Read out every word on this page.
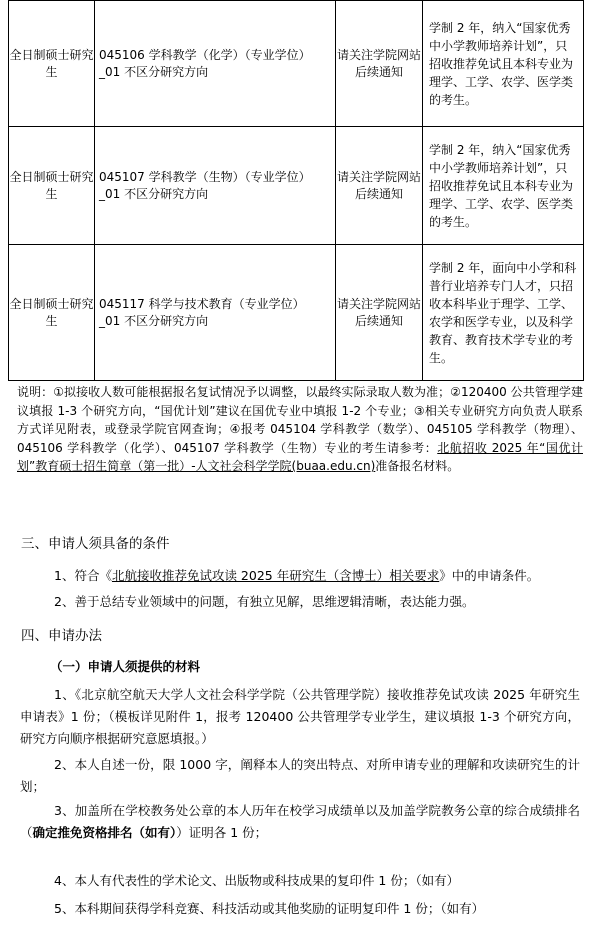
全日制硕士研究生	045106 学科教学（化学）（专业学位）
_01 不区分研究方向	请关注学院网站后续通知	学制 2 年，纳入“国家优秀中小学教师培养计划”，只招收推荐免试且本科专业为理学、工学、农学、医学类的考生。

全日制硕士研究生	045107 学科教学（生物）（专业学位）
_01 不区分研究方向	请关注学院网站后续通知	学制 2 年，纳入“国家优秀中小学教师培养计划”，只招收推荐免试且本科专业为理学、工学、农学、医学类的考生。

全日制硕士研究生	045117 科学与技术教育（专业学位）
_01 不区分研究方向	请关注学院网站后续通知	学制 2 年，面向中小学和科普行业培养专门人才，只招收本科毕业于理学、工学、农学和医学专业，以及科学教育、教育技术学专业的考生。
说明：①拟接收人数可能根据报名复试情况予以调整，以最终实际录取人数为准；②120400 公共管理学建议填报 1-3 个研究方向，“国优计划”建议在国优专业中填报 1-2 个专业；③相关专业研究方向负责人联系方式详见附表，或登录学院官网查询；④报考 045104 学科教学（数学）、045105 学科教学（物理）、045106 学科教学（化学）、045107 学科教学（生物）专业的考生请参考：北航招收 2025 年“国优计划”教育硕士招生简章（第一批）-人文社会科学学院(buaa.edu.cn)准备报名材料。
三、申请人须具备的条件
1、符合《北航接收推荐免试攻读 2025 年研究生（含博士）相关要求》中的申请条件。
2、善于总结专业领域中的问题，有独立见解，思维逻辑清晰，表达能力强。
四、申请办法
（一）申请人须提供的材料
1、《北京航空航天大学人文社会科学学院（公共管理学院）接收推荐免试攻读 2025 年研究生申请表》1 份；（模板详见附件 1，报考 120400 公共管理学专业学生，建议填报 1-3 个研究方向，研究方向顺序根据研究意愿填报。）
2、本人自述一份，限 1000 字，阐释本人的突出特点、对所申请专业的理解和攻读研究生的计划；
3、加盖所在学校教务处公章的本人历年在校学习成绩单以及加盖学院教务公章的综合成绩排名（确定推免资格排名（如有））证明各 1 份；
4、本人有代表性的学术论文、出版物或科技成果的复印件 1 份；（如有）
5、本科期间获得学科竞赛、科技活动或其他奖励的证明复印件 1 份；（如有）
